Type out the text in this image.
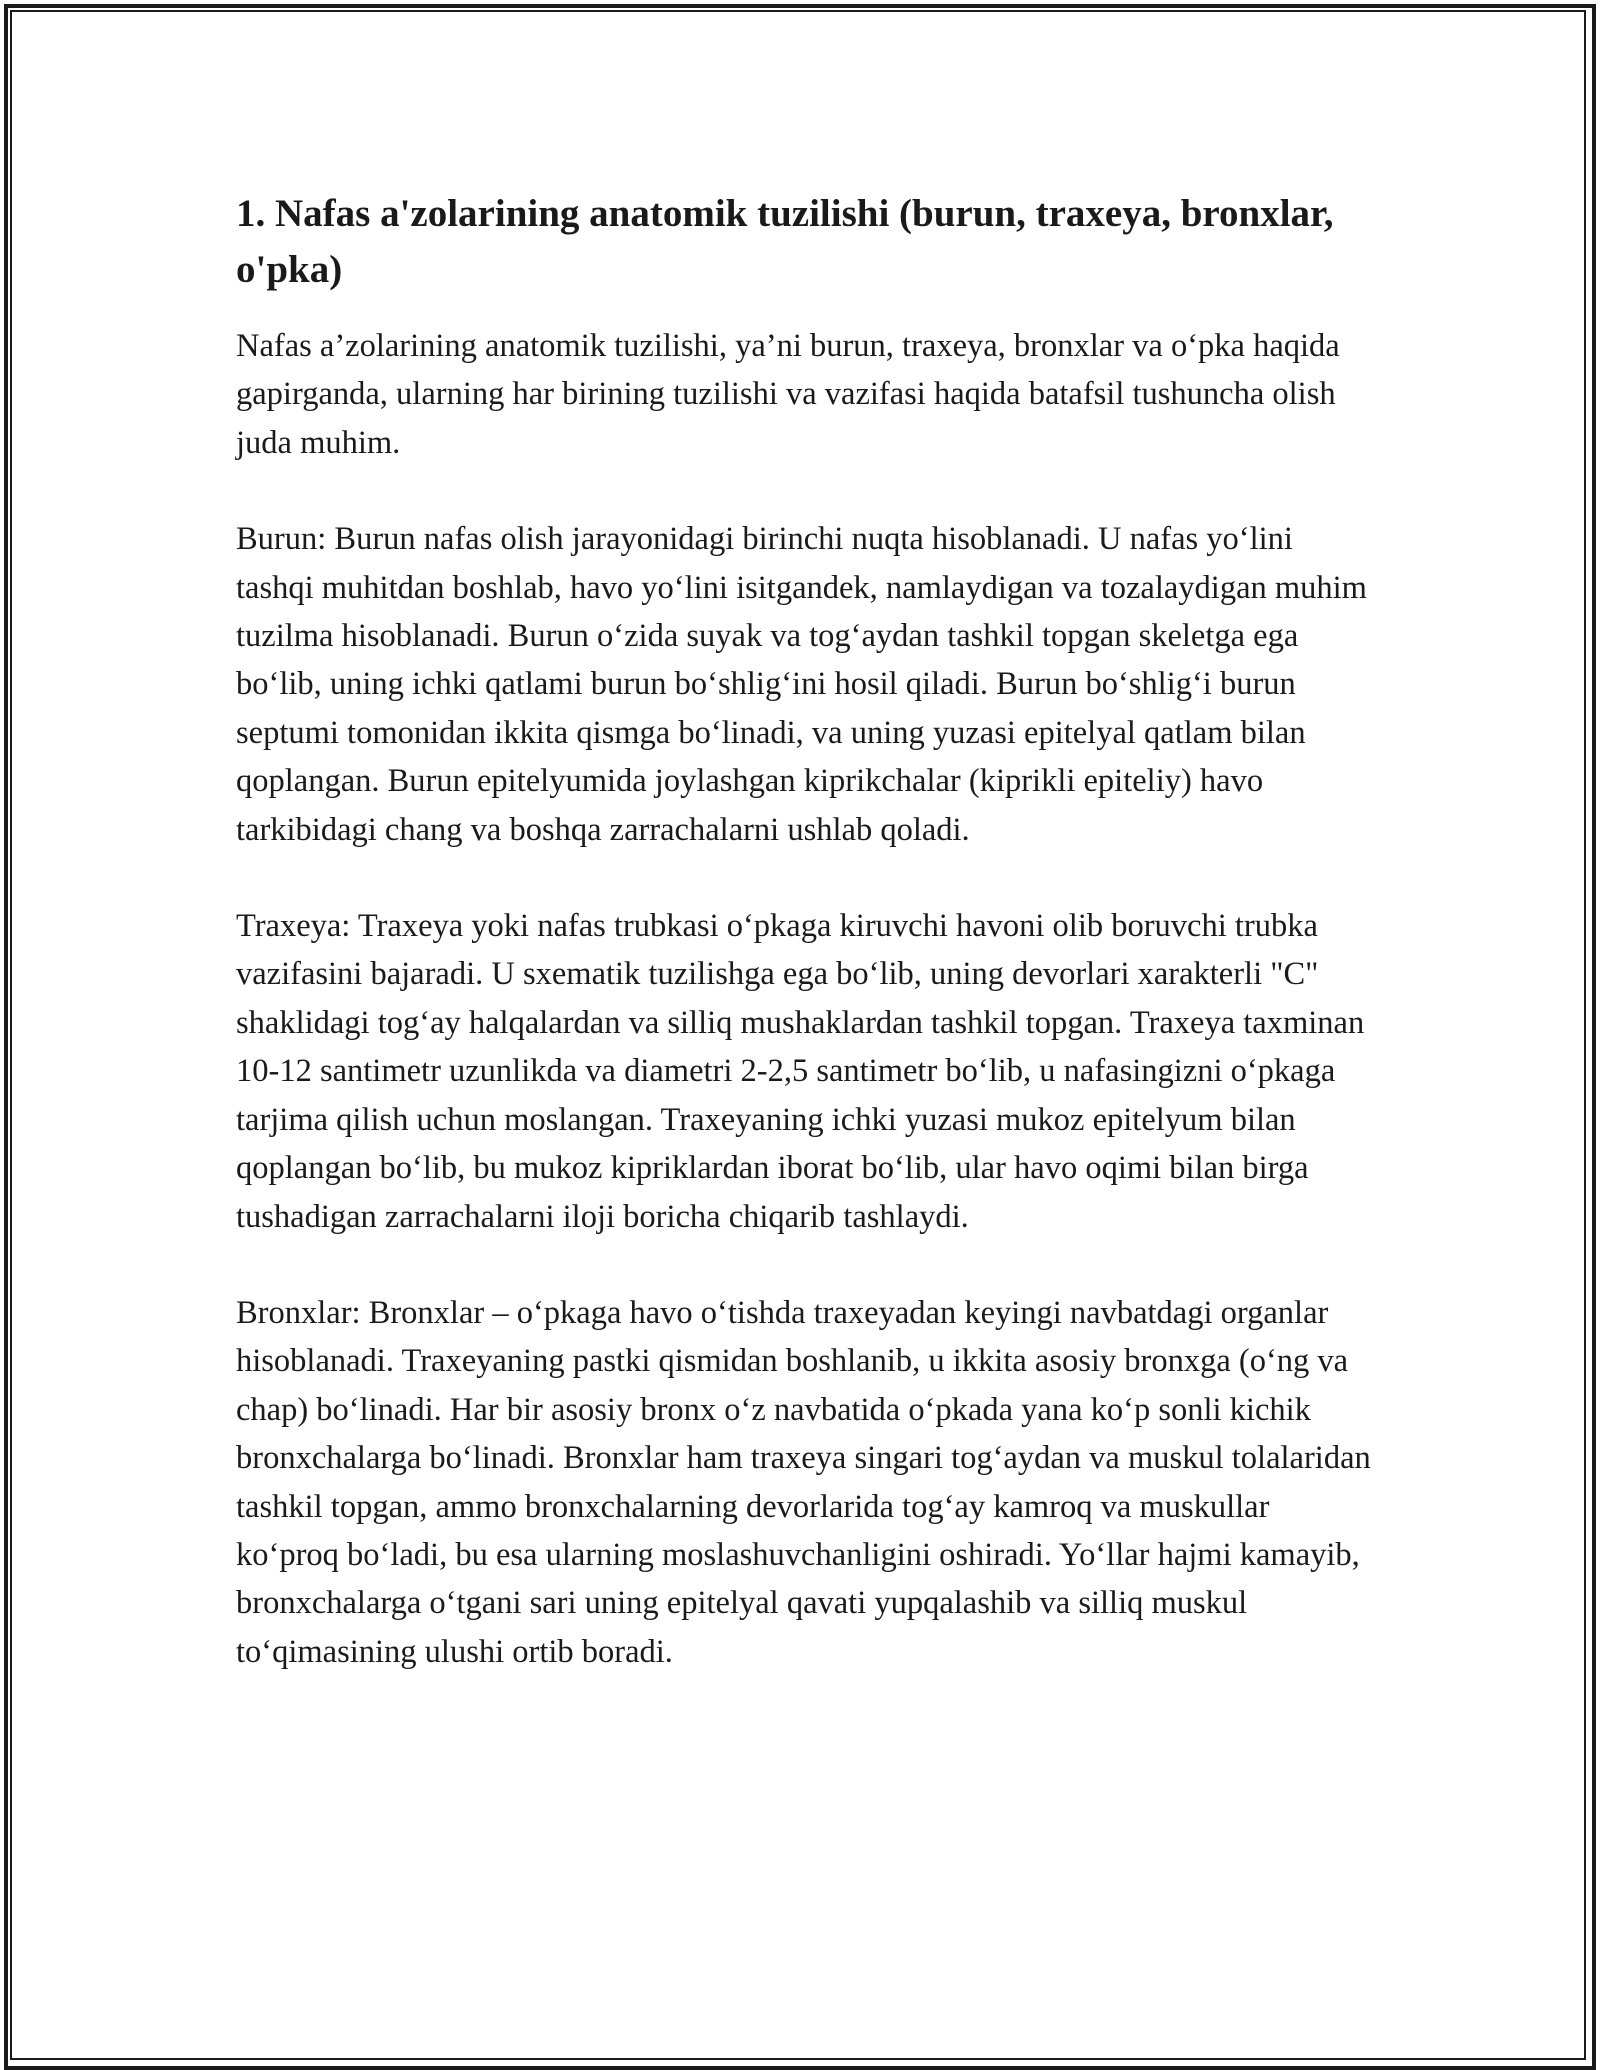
1. Nafas a'zolarining anatomik tuzilishi (burun, traxeya, bronxlar, o'pka)

Nafas a’zolarining anatomik tuzilishi, ya’ni burun, traxeya, bronxlar va o‘pka haqida gapirganda, ularning har birining tuzilishi va vazifasi haqida batafsil tushuncha olish juda muhim.

Burun: Burun nafas olish jarayonidagi birinchi nuqta hisoblanadi. U nafas yo‘lini tashqi muhitdan boshlab, havo yo‘lini isitgandek, namlaydigan va tozalaydigan muhim tuzilma hisoblanadi. Burun o‘zida suyak va tog‘aydan tashkil topgan skeletga ega bo‘lib, uning ichki qatlami burun bo‘shlig‘ini hosil qiladi. Burun bo‘shlig‘i burun septumi tomonidan ikkita qismga bo‘linadi, va uning yuzasi epitelyal qatlam bilan qoplangan. Burun epitelyumida joylashgan kiprikchalar (kiprikli epiteliy) havo tarkibidagi chang va boshqa zarrachalarni ushlab qoladi.

Traxeya: Traxeya yoki nafas trubkasi o‘pkaga kiruvchi havoni olib boruvchi trubka vazifasini bajaradi. U sxematik tuzilishga ega bo‘lib, uning devorlari xarakterli "C" shaklidagi tog‘ay halqalardan va silliq mushaklardan tashkil topgan. Traxeya taxminan 10-12 santimetr uzunlikda va diametri 2-2,5 santimetr bo‘lib, u nafasingizni o‘pkaga tarjima qilish uchun moslangan. Traxeyaning ichki yuzasi mukoz epitelyum bilan qoplangan bo‘lib, bu mukoz kipriklardan iborat bo‘lib, ular havo oqimi bilan birga tushadigan zarrachalarni iloji boricha chiqarib tashlaydi.

Bronxlar: Bronxlar – o‘pkaga havo o‘tishda traxeyadan keyingi navbatdagi organlar hisoblanadi. Traxeyaning pastki qismidan boshlanib, u ikkita asosiy bronxga (o‘ng va chap) bo‘linadi. Har bir asosiy bronx o‘z navbatida o‘pkada yana ko‘p sonli kichik bronxchalarga bo‘linadi. Bronxlar ham traxeya singari tog‘aydan va muskul tolalaridan tashkil topgan, ammo bronxchalarning devorlarida tog‘ay kamroq va muskullar ko‘proq bo‘ladi, bu esa ularning moslashuvchanligini oshiradi. Yo‘llar hajmi kamayib, bronxchalarga o‘tgani sari uning epitelyal qavati yupqalashib va silliq muskul to‘qimasining ulushi ortib boradi.
